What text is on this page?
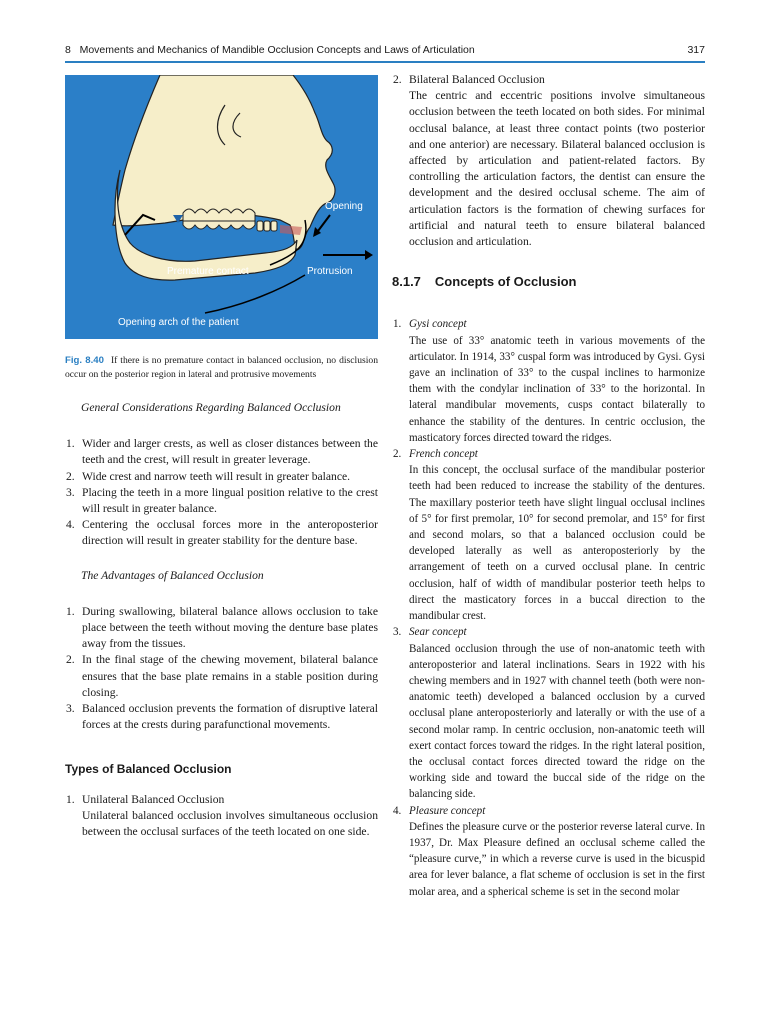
8   Movements and Mechanics of Mandible Occlusion Concepts and Laws of Articulation	317
Opening
Premature contact	Protrusion
Opening arch of the patient
Fig. 8.40 If there is no premature contact in balanced occlusion, no disclusion occur on the posterior region in lateral and protrusive movements
General Considerations Regarding Balanced Occlusion
1. Wider and larger crests, as well as closer distances between the teeth and the crest, will result in greater leverage.
2. Wide crest and narrow teeth will result in greater balance.
3. Placing the teeth in a more lingual position relative to the crest will result in greater balance.
4. Centering the occlusal forces more in the anteroposterior direction will result in greater stability for the denture base.
The Advantages of Balanced Occlusion
1. During swallowing, bilateral balance allows occlusion to take place between the teeth without moving the denture base plates away from the tissues.
2. In the final stage of the chewing movement, bilateral balance ensures that the base plate remains in a stable position during closing.
3. Balanced occlusion prevents the formation of disruptive lateral forces at the crests during parafunctional movements.
Types of Balanced Occlusion
1. Unilateral Balanced Occlusion
Unilateral balanced occlusion involves simultaneous occlusion between the occlusal surfaces of the teeth located on one side.
2. Bilateral Balanced Occlusion
The centric and eccentric positions involve simultaneous occlusion between the teeth located on both sides. For minimal occlusal balance, at least three contact points (two posterior and one anterior) are necessary. Bilateral balanced occlusion is affected by articulation and patient-related factors. By controlling the articulation factors, the dentist can ensure the development and the desired occlusal scheme. The aim of articulation factors is the formation of chewing surfaces for artificial and natural teeth to ensure bilateral balanced occlusion and articulation.
8.1.7 Concepts of Occlusion
1. Gysi concept
The use of 33° anatomic teeth in various movements of the articulator. In 1914, 33° cuspal form was introduced by Gysi. Gysi gave an inclination of 33° to the cuspal inclines to harmonize them with the condylar inclination of 33° to the horizontal. In lateral mandibular movements, cusps contact bilaterally to enhance the stability of the dentures. In centric occlusion, the masticatory forces directed toward the ridges.
2. French concept
In this concept, the occlusal surface of the mandibular posterior teeth had been reduced to increase the stability of the dentures. The maxillary posterior teeth have slight lingual occlusal inclines of 5° for first premolar, 10° for second premolar, and 15° for first and second molars, so that a balanced occlusion could be developed laterally as well as anteroposteriorly by the arrangement of teeth on a curved occlusal plane. In centric occlusion, half of width of mandibular posterior teeth helps to direct the masticatory forces in a buccal direction to the mandibular crest.
3. Sear concept
Balanced occlusion through the use of non-anatomic teeth with anteroposterior and lateral inclinations. Sears in 1922 with his chewing members and in 1927 with channel teeth (both were non-anatomic teeth) developed a balanced occlusion by a curved occlusal plane anteroposteriorly and laterally or with the use of a second molar ramp. In centric occlusion, non-anatomic teeth will exert contact forces toward the ridges. In the right lateral position, the occlusal contact forces directed toward the ridge on the working side and toward the buccal side of the ridge on the balancing side.
4. Pleasure concept
Defines the pleasure curve or the posterior reverse lateral curve. In 1937, Dr. Max Pleasure defined an occlusal scheme called the “pleasure curve,” in which a reverse curve is used in the bicuspid area for lever balance, a flat scheme of occlusion is set in the first molar area, and a spherical scheme is set in the second molar
